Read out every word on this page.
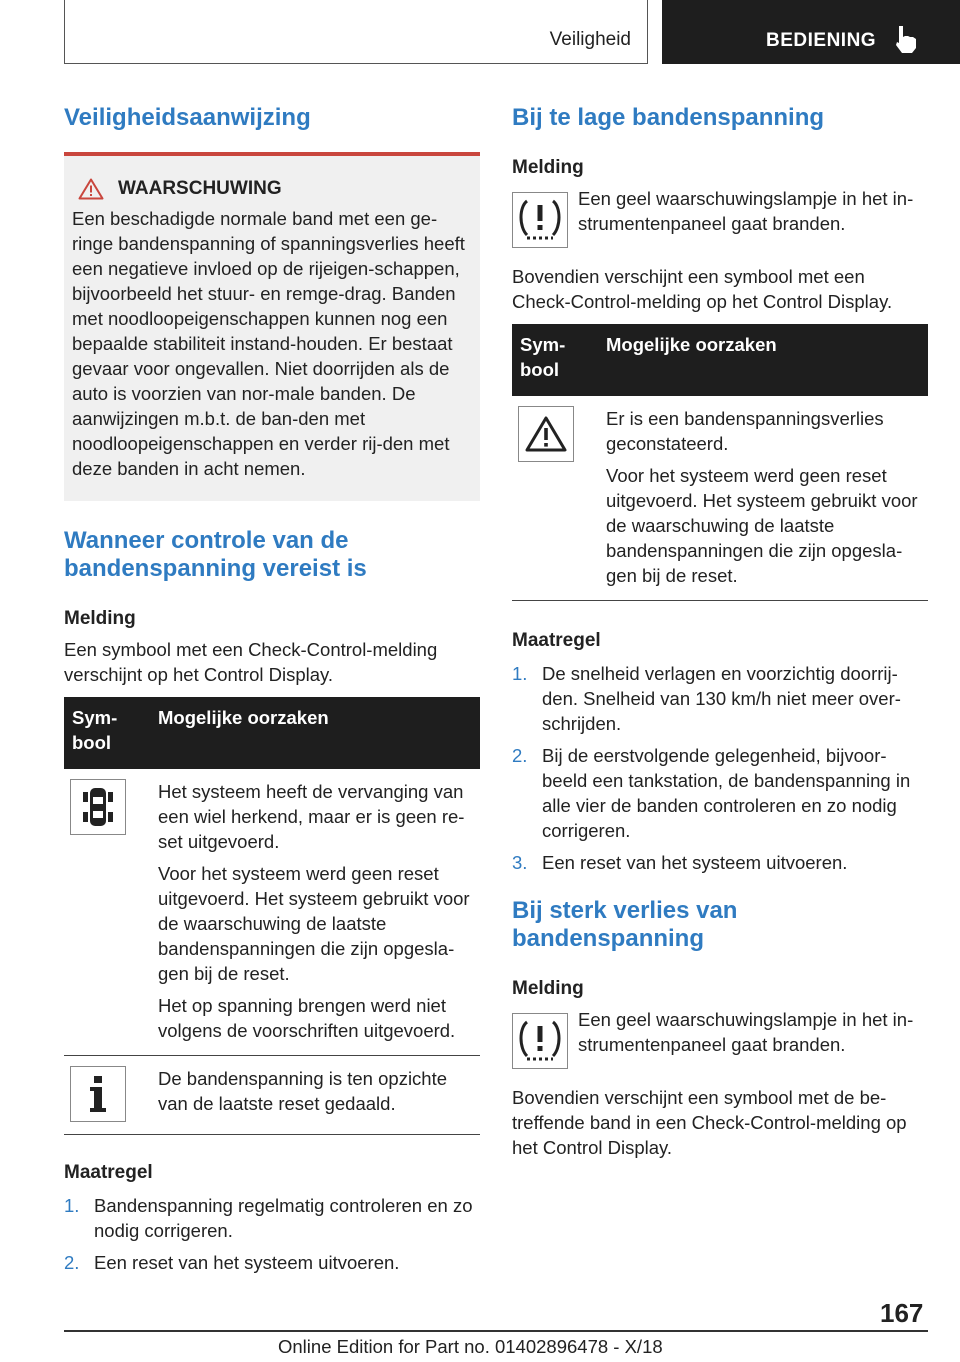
Veiligheid	BEDIENING
Veiligheidsaanwijzing
WAARSCHUWING

Een beschadigde normale band met een ge-ringe bandenspanning of spanningsverlies heeft een negatieve invloed op de rijeigen-schappen, bijvoorbeeld het stuur- en remge-drag. Banden met noodloopeigenschappen kunnen nog een bepaalde stabiliteit instand-houden. Er bestaat gevaar voor ongevallen. Niet doorrijden als de auto is voorzien van nor-male banden. De aanwijzingen m.b.t. de ban-den met noodloopeigenschappen en verder rij-den met deze banden in acht nemen.

Wanneer controle van de
bandenspanning vereist is
Melding

Een symbool met een Check-Control-melding verschijnt op het Control Display.

Sym-bool	Mogelijke oorzaken

Het systeem heeft de vervanging van een wiel herkend, maar er is geen re-set uitgevoerd.

Voor het systeem werd geen reset uitgevoerd. Het systeem gebruikt voor de waarschuwing de laatste bandenspanningen die zijn opgesla-gen bij de reset.

Het op spanning brengen werd niet volgens de voorschriften uitgevoerd.

De bandenspanning is ten opzichte van de laatste reset gedaald.

Maatregel
1. Bandenspanning regelmatig controleren en zo nodig corrigeren.
2. Een reset van het systeem uitvoeren.
Bij te lage bandenspanning
Melding

Een geel waarschuwingslampje in het in-strumentenpaneel gaat branden.

Bovendien verschijnt een symbool met een Check-Control-melding op het Control Display.

Sym-bool	Mogelijke oorzaken

Er is een bandenspanningsverlies geconstateerd.

Voor het systeem werd geen reset uitgevoerd. Het systeem gebruikt voor de waarschuwing de laatste bandenspanningen die zijn opgesla-gen bij de reset.

Maatregel
1. De snelheid verlagen en voorzichtig doorrij-den. Snelheid van 130 km/h niet meer over-schrijden.
2. Bij de eerstvolgende gelegenheid, bijvoor-beeld een tankstation, de bandenspanning in alle vier de banden controleren en zo nodig corrigeren.
3. Een reset van het systeem uitvoeren.
Bij sterk verlies van
bandenspanning
Melding

Een geel waarschuwingslampje in het in-strumentenpaneel gaat branden.

Bovendien verschijnt een symbool met de be-treffende band in een Check-Control-melding op het Control Display.

167
Online Edition for Part no. 01402896478 - X/18
